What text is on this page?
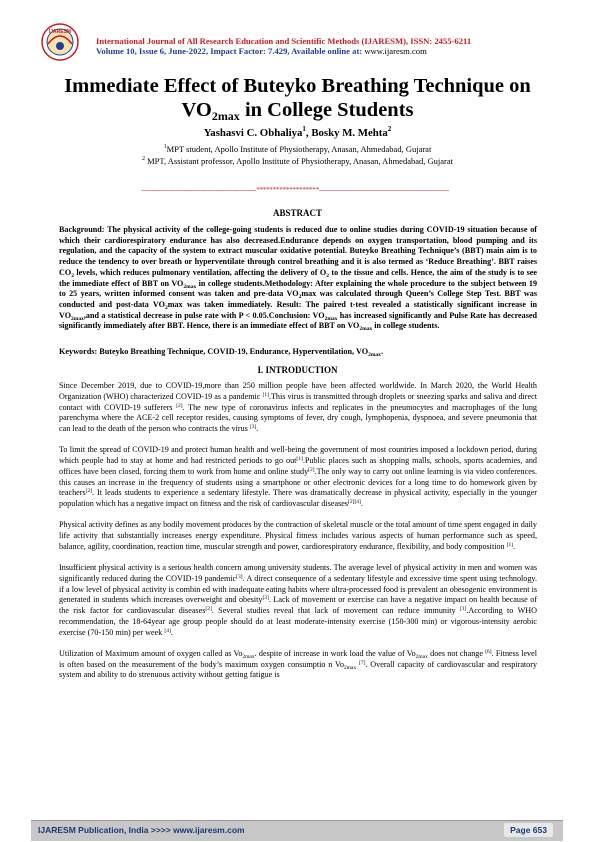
IJARESM
International Journal of All Research Education and Scientific Methods (IJARESM), ISSN: 2455-6211
Volume 10, Issue 6, June-2022, Impact Factor: 7.429, Available online at: www.ijaresm.com
Immediate Effect of Buteyko Breathing Technique on
$VO_{2max}$ in College Students
Yashasvi C. Obhaliya$^1$, Bosky M. Mehta$^2$
$^1$MPT student, Apollo Institute of Physiotherapy, Anasan, Ahmedabad, Gujarat
$^2$ MPT, Assistant professor, Apollo Institute of Physiotherapy, Anasan, Ahmedabad, Gujarat
------------------------------------------------------*******************-------------------------------------------------------------
ABSTRACT

Background: The physical activity of the college-going students is reduced due to online studies during COVID-19 situation because of which their cardiorespiratory endurance has also decreased.Endurance depends on oxygen transportation, blood pumping and its regulation, and the capacity of the system to extract muscular oxidative potential. Buteyko Breathing Technique’s (BBT) main aim is to reduce the tendency to over breath or hyperventilate through control breathing and it is also termed as ‘Reduce Breathing’. BBT raises $CO_2$ levels, which reduces pulmonary ventilation, affecting the delivery of $O_2$ to the tissue and cells. Hence, the aim of the study is to see the immediate effect of BBT on $VO_{2max}$ in college students.Methodology: After explaining the whole procedure to the subject between 19 to 25 years, written informed consent was taken and pre-data $VO_2\max$ was calculated through Queen’s College Step Test. BBT was conducted and post-data $VO_2\max$ was taken immediately. Result: The paired t-test revealed a statistically significant increase in $VO_{2max},and$ a statistical decrease in pulse rate with P < 0.05.Conclusion: $VO_{2max}$ has increased significantly and Pulse Rate has decreased significantly immediately after BBT. Hence, there is an immediate effect of BBT on $VO_{2max}$ in college students.

Keywords: Buteyko Breathing Technique, COVID-19, Endurance, Hyperventilation, $VO_{2max}$.
I. INTRODUCTION

Since December 2019, due to COVID-19,more than 250 million people have been affected worldwide. In March 2020, the World Health Organization (WHO) characterized COVID-19 as a pandemic [1].This virus is transmitted through droplets or sneezing sparks and saliva and direct contact with COVID-19 sufferers [2]. The new type of coronavirus infects and replicates in the pneumocytes and macrophages of the lung parenchyma where the ACE-2 cell receptor resides, causing symptoms of fever, dry cough, lymphopenia, dyspnoea, and severe pneumonia that can lead to the death of the person who contracts the virus [3].

To limit the spread of COVID-19 and protect human health and well-being the government of most countries imposed a lockdown period, during which people had to stay at home and had restricted periods to go out[1].Public places such as shopping malls, schools, sports academies, and offices have been closed, forcing them to work from home and online study[2].The only way to carry out online learning is via video conferences. this causes an increase in the frequency of students using a smartphone or other electronic devices for a long time to do homework given by teachers[2]. It leads students to experience a sedentary lifestyle. There was dramatically decrease in physical activity, especially in the younger population which has a negative impact on fitness and the risk of cardiovascular diseases[2][4].

Physical activity defines as any bodily movement produces by the contraction of skeletal muscle or the total amount of time spent engaged in daily life activity that substantially increases energy expenditure. Physical fitness includes various aspects of human performance such as speed, balance, agility, coordination, reaction time, muscular strength and power, cardiorespiratory endurance, flexibility, and body composition [1].

Insufficient physical activity is a serious health concern among university students. The average level of physical activity in men and women was significantly reduced during the COVID-19 pandemic[3]. A direct consequence of a sedentary lifestyle and excessive time spent using technology. if a low level of physical activity is combin ed with inadequate eating habits where ultra-processed food is prevalent an obesogenic environment is generated in students which increases overweight and obesity[3]. Lack of movement or exercise can have a negative impact on health because of the risk factor for cardiovascular diseases[2]. Several studies reveal that lack of movement can reduce immunity [1].According to WHO recommendation, the 18-64year age group people should do at least moderate-intensity exercise (150-300 min) or vigorous-intensity aerobic exercise (70-150 min) per week [4].

Utilization of Maximum amount of oxygen called as $Vo_{2max}$. despite of increase in work load the value of $Vo_{2max}$ does not change [6]. Fitness level is often based on the measurement of the body’s maximum oxygen consumptio n $Vo_{2max}$ [7]. Overall capacity of cardiovascular and respiratory system and ability to do strenuous activity without getting fatigue is

IJARESM Publication, India >>>> www.ijaresm.com	Page 653
